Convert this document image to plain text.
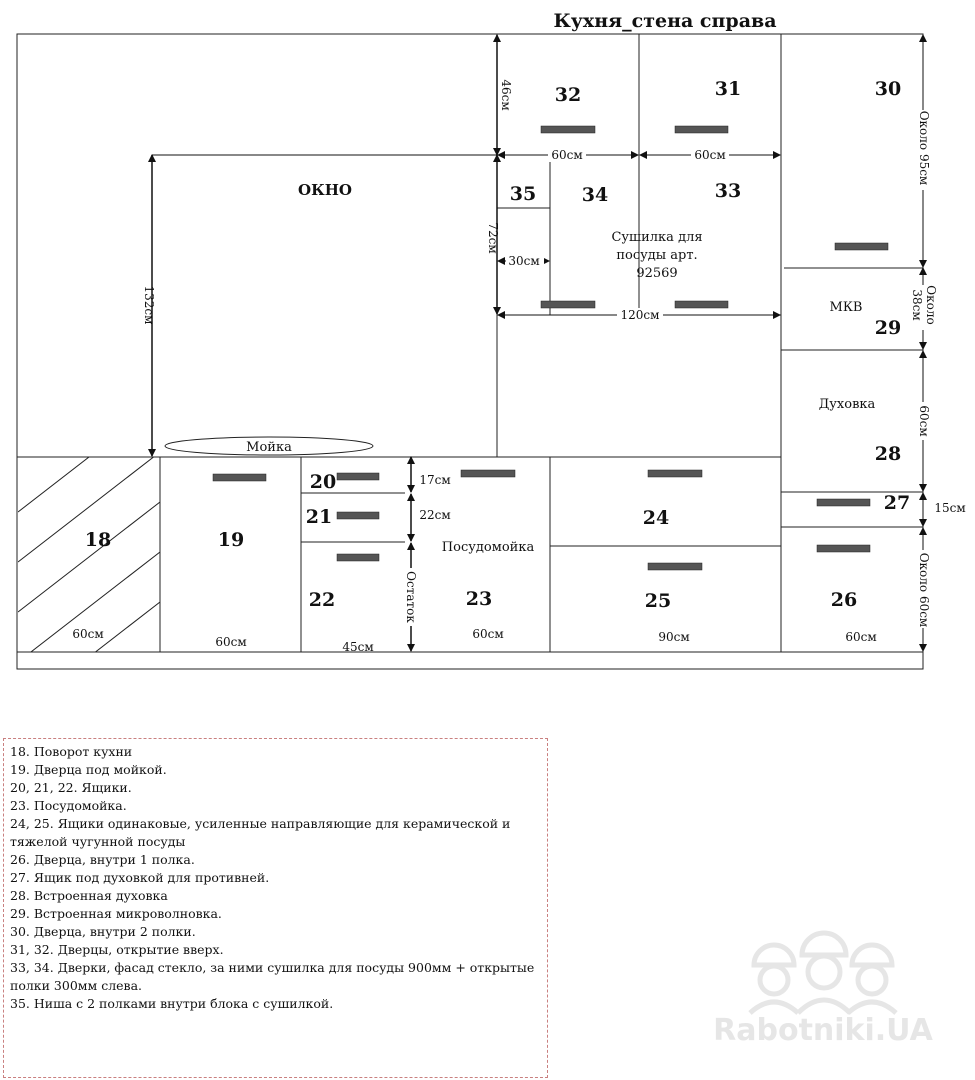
Кухня_стена справа
Мойка
18	19
20
21
22	23
24
25	26
27
28
29
30
31
32
33
34
35
ОКНО
Сушилка для
посуды арт.
92569
МКВ
Духовка
Посудомойка
46см
72см
132см
60см	60см
30см
120см
Около 95см
Около
38см
60см
15см
Около 60см
17см
22см
Остаток
60см
60см	45см
60см	90см	60см
18. Поворот кухни
19. Дверца под мойкой.
20, 21, 22. Ящики.
23. Посудомойка.
24, 25. Ящики одинаковые, усиленные направляющие для керамической и тяжелой чугунной посуды
26. Дверца, внутри 1 полка.
27. Ящик под духовкой для противней.
28. Встроенная духовка
29. Встроенная микроволновка.
30. Дверца, внутри 2 полки.
31, 32. Дверцы, открытие вверх.
33, 34. Дверки, фасад стекло, за ними сушилка для посуды 900мм + открытые полки 300мм слева.
35. Ниша с 2 полками внутри блока с сушилкой.
Rabotniki.UA
